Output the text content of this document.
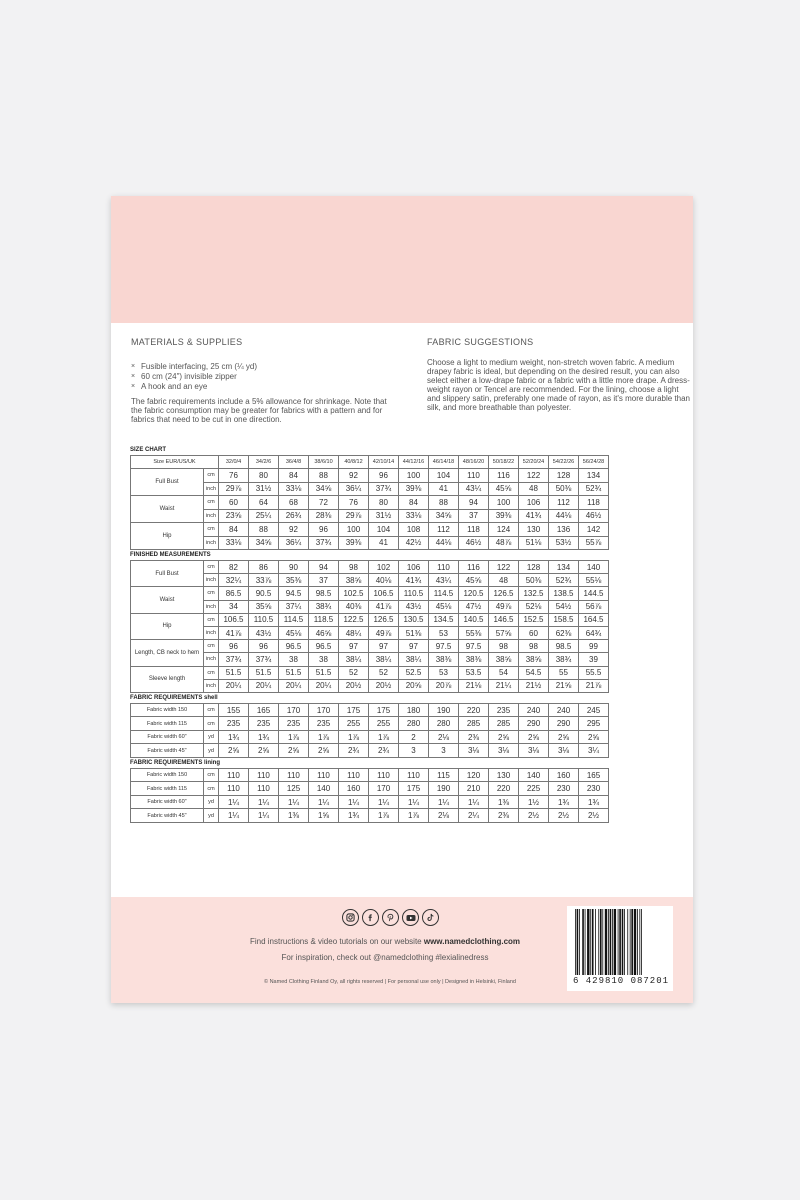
MATERIALS & SUPPLIES
× Fusible interfacing, 25 cm (¼ yd)
× 60 cm (24") invisible zipper
× A hook and an eye
The fabric requirements include a 5% allowance for shrinkage. Note that the fabric consumption may be greater for fabrics with a pattern and for fabrics that need to be cut in one direction.
FABRIC SUGGESTIONS
Choose a light to medium weight, non-stretch woven fabric. A medium drapey fabric is ideal, but depending on the desired result, you can also select either a low-drape fabric or a fabric with a little more drape. A dress-weight rayon or Tencel are recommended. For the lining, choose a light and slippery satin, preferably one made of rayon, as it's more durable than silk, and more breathable than polyester.
SIZE CHART
Size EUR/US/UK		32/0/4	34/2/6	36/4/8	38/6/10	40/8/12	42/10/14	44/12/16	46/14/18	48/16/20	50/18/22	52/20/24	54/22/26	56/24/28
Full Bust	cm	76	80	84	88	92	96	100	104	110	116	122	128	134
	inch	29⅞	31½	33⅛	34⅝	36¼	37¾	39⅜	41	43¼	45⅝	48	50⅜	52¾
Waist	cm	60	64	68	72	76	80	84	88	94	100	106	112	118
	inch	23⅝	25¼	26¾	28⅜	29⅞	31½	33⅛	34⅝	37	39⅜	41¾	44⅛	46½
Hip	cm	84	88	92	96	100	104	108	112	118	124	130	136	142
	inch	33⅛	34⅝	36¼	37¾	39⅜	41	42½	44⅛	46½	48⅞	51⅛	53½	55⅞
FINISHED MEASUREMENTS
Full Bust	cm	82	86	90	94	98	102	106	110	116	122	128	134	140
	inch	32¼	33⅞	35⅜	37	38⅝	40⅛	41¾	43¼	45⅝	48	50⅜	52¾	55⅛
Waist	cm	86.5	90.5	94.5	98.5	102.5	106.5	110.5	114.5	120.5	126.5	132.5	138.5	144.5
	inch	34	35⅝	37¼	38¾	40⅜	41⅞	43½	45⅛	47½	49⅞	52⅛	54½	56⅞
Hip	cm	106.5	110.5	114.5	118.5	122.5	126.5	130.5	134.5	140.5	146.5	152.5	158.5	164.5
	inch	41⅞	43½	45⅛	46⅝	48¼	49⅞	51⅜	53	55⅜	57⅝	60	62⅜	64¾
Length, CB neck to hem	cm	96	96	96.5	96.5	97	97	97	97.5	97.5	98	98	98.5	99
	inch	37¾	37¾	38	38	38¼	38¼	38¼	38⅜	38⅜	38⅝	38⅝	38¾	39
Sleeve length	cm	51.5	51.5	51.5	51.5	52	52	52.5	53	53.5	54	54.5	55	55.5
	inch	20¼	20¼	20¼	20¼	20½	20½	20⅝	20⅞	21⅛	21¼	21½	21⅝	21⅞
FABRIC REQUIREMENTS shell
Fabric width 150	cm	155	165	170	170	175	175	180	190	220	235	240	240	245
Fabric width 115	cm	235	235	235	235	255	255	280	280	285	285	290	290	295
Fabric width 60"	yd	1¾	1¾	1⅞	1⅞	1⅞	1⅞	2	2⅛	2⅜	2⅝	2⅝	2⅝	2⅝
Fabric width 45"	yd	2⅝	2⅝	2⅝	2⅝	2¾	2¾	3	3	3⅛	3⅛	3⅛	3⅛	3¼
FABRIC REQUIREMENTS lining
Fabric width 150	cm	110	110	110	110	110	110	110	115	120	130	140	160	165
Fabric width 115	cm	110	110	125	140	160	170	175	190	210	220	225	230	230
Fabric width 60"	yd	1¼	1¼	1¼	1¼	1¼	1¼	1¼	1¼	1¼	1⅜	1½	1¾	1¾
Fabric width 45"	yd	1¼	1¼	1⅜	1⅝	1¾	1⅞	1⅞	2⅛	2¼	2⅜	2½	2½	2½
Find instructions & video tutorials on our website www.namedclothing.com
For inspiration, check out @namedclothing #lexialinedress
© Named Clothing Finland Oy, all rights reserved | For personal use only | Designed in Helsinki, Finland	6 429810 087201
